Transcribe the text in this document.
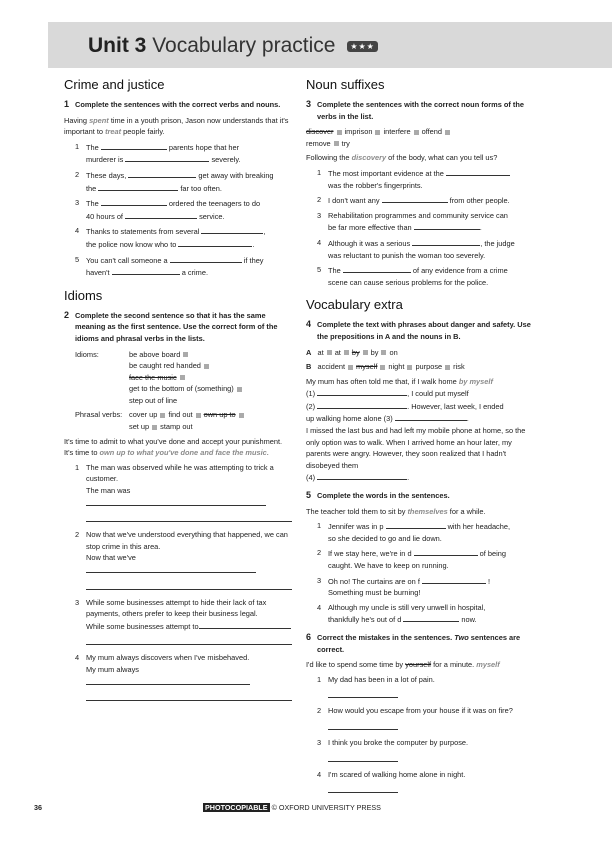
Unit 3 Vocabulary practice ★★★
Crime and justice
1 Complete the sentences with the correct verbs and nouns.
Having spent time in a youth prison, Jason now understands that it's important to treat people fairly.
1 The	parents hope that her
murderer is	severely.
2 These days,	get away with breaking
the	far too often.
3 The	ordered the teenagers to do
40 hours of	service.
4 Thanks to statements from several	,
the police now know who to	.
5 You can't call someone a	if they
haven't	a crime.
Idioms
2 Complete the second sentence so that it has the same meaning as the first sentence. Use the correct form of the idioms and phrasal verbs in the lists.
Idioms:	be above board
be caught red handed
face the music
get to the bottom of (something)
step out of line
Phrasal verbs: cover up find out own up to
set up stamp out
It's time to admit to what you've done and accept your punishment.
It's time to own up to what you've done and face the music.
1 The man was observed while he was attempting to trick a customer.
The man was
2 Now that we've understood everything that happened, we can stop crime in this area.
Now that we've
3 While some businesses attempt to hide their lack of tax payments, others prefer to keep their business legal.
While some businesses attempt to
4 My mum always discovers when I've misbehaved.
My mum always
Noun suffixes
3 Complete the sentences with the correct noun forms of the verbs in the list.
discover imprison interfere offend
remove try
Following the discovery of the body, what can you tell us?
1 The most important evidence at the
was the robber's fingerprints.
2 I don't want any	from other people.
3 Rehabilitation programmes and community service can
be far more effective than	.
4 Although it was a serious	, the judge
was reluctant to punish the woman too severely.
5 The	of any evidence from a crime
scene can cause serious problems for the police.
Vocabulary extra
4 Complete the text with phrases about danger and safety. Use the prepositions in A and the nouns in B.
A at at by by on
B accident myself night purpose risk
My mum has often told me that, if I walk home by myself
(1)	, I could put myself
(2)	. However, last week, I ended
up walking home alone (3)	.
I missed the last bus and had left my mobile phone at home, so the only option was to walk. When I arrived home an hour later, my parents were angry. However, they soon realized that I hadn't disobeyed them
(4)	.
5 Complete the words in the sentences.
The teacher told them to sit by themselves for a while.
1 Jennifer was in p	with her headache,
so she decided to go and lie down.
2 If we stay here, we're in d	of being
caught. We have to keep on running.
3 Oh no! The curtains are on f	!
Something must be burning!
4 Although my uncle is still very unwell in hospital,
thankfully he's out of d	now.
6 Correct the mistakes in the sentences. Two sentences are correct.
I'd like to spend some time by yourself for a minute. myself
1 My dad has been in a lot of pain.
2 How would you escape from your house if it was on fire?
3 I think you broke the computer by purpose.
4 I'm scared of walking home alone in night.
36	PHOTOCOPIABLE © OXFORD UNIVERSITY PRESS
